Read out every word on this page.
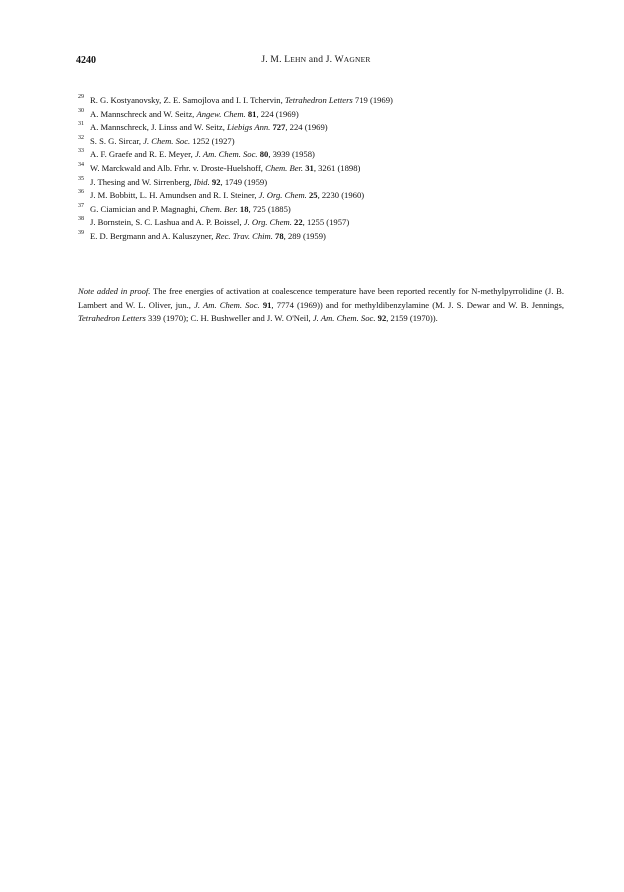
4240	J. M. LEHN and J. WAGNER
29 R. G. Kostyanovsky, Z. E. Samojlova and I. I. Tchervin, Tetrahedron Letters 719 (1969)
30 A. Mannschreck and W. Seitz, Angew. Chem. 81, 224 (1969)
31 A. Mannschreck, J. Linss and W. Seitz, Liebigs Ann. 727, 224 (1969)
32 S. S. G. Sircar, J. Chem. Soc. 1252 (1927)
33 A. F. Graefe and R. E. Meyer, J. Am. Chem. Soc. 80, 3939 (1958)
34 W. Marckwald and Alb. Frhr. v. Droste-Huelshoff, Chem. Ber. 31, 3261 (1898)
35 J. Thesing and W. Sirrenberg, Ibid. 92, 1749 (1959)
36 J. M. Bobbitt, L. H. Amundsen and R. I. Steiner, J. Org. Chem. 25, 2230 (1960)
37 G. Ciamician and P. Magnaghi, Chem. Ber. 18, 725 (1885)
38 J. Bornstein, S. C. Lashua and A. P. Boissel, J. Org. Chem. 22, 1255 (1957)
39 E. D. Bergmann and A. Kaluszyner, Rec. Trav. Chim. 78, 289 (1959)

Note added in proof. The free energies of activation at coalescence temperature have been reported recently for N-methylpyrrolidine (J. B. Lambert and W. L. Oliver, jun., J. Am. Chem. Soc. 91, 7774 (1969)) and for methyldibenzylamine (M. J. S. Dewar and W. B. Jennings, Tetrahedron Letters 339 (1970); C. H. Bushweller and J. W. O'Neil, J. Am. Chem. Soc. 92, 2159 (1970)).
